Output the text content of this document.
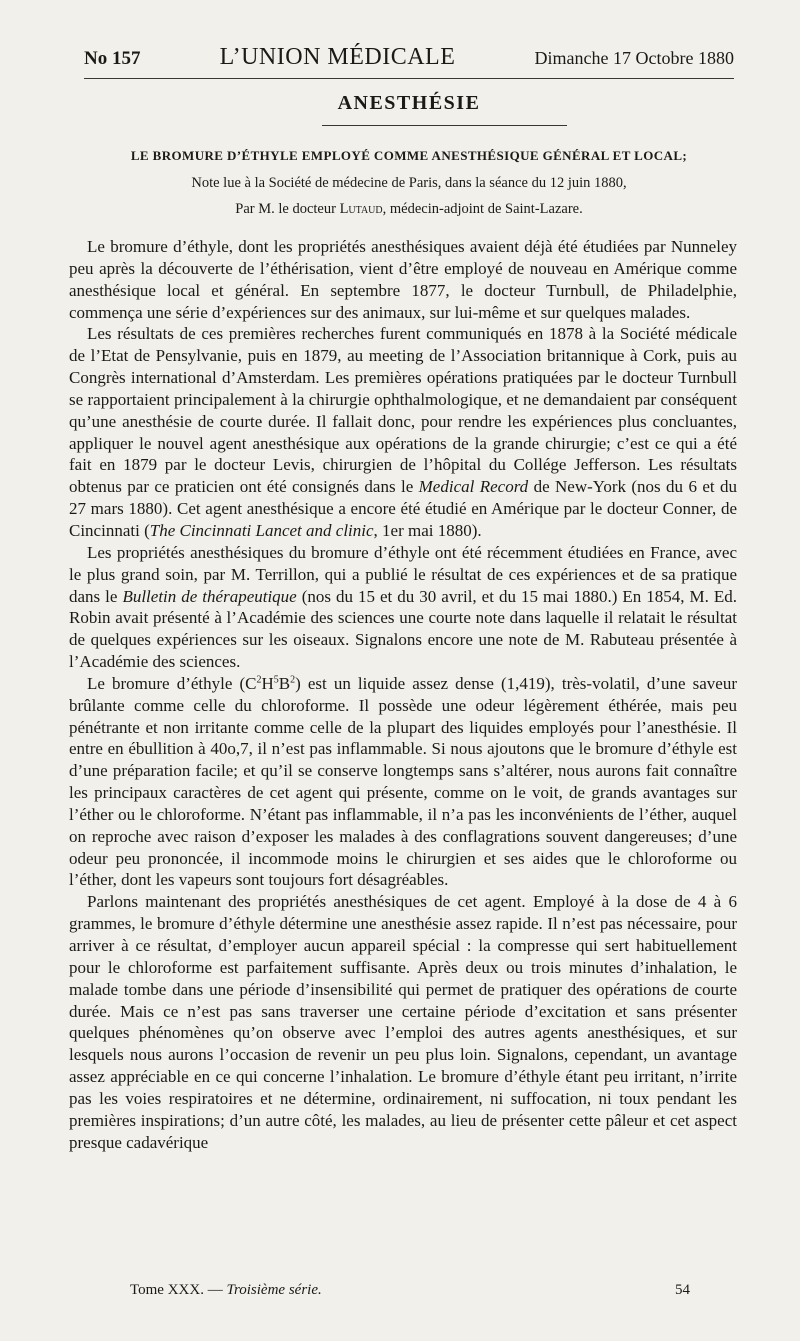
No 157	L’UNION MÉDICALE	Dimanche 17 Octobre 1880
ANESTHÉSIE
LE BROMURE D’ÉTHYLE EMPLOYÉ COMME ANESTHÉSIQUE GÉNÉRAL ET LOCAL;
Note lue à la Société de médecine de Paris, dans la séance du 12 juin 1880,
Par M. le docteur Lutaud, médecin-adjoint de Saint-Lazare.

Le bromure d’éthyle, dont les propriétés anesthésiques avaient déjà été étudiées par Nunneley peu après la découverte de l’éthérisation, vient d’être employé de nouveau en Amérique comme anesthésique local et général. En septembre 1877, le docteur Turnbull, de Philadelphie, commença une série d’expériences sur des animaux, sur lui-même et sur quelques malades.

Les résultats de ces premières recherches furent communiqués en 1878 à la Société médicale de l’Etat de Pensylvanie, puis en 1879, au meeting de l’Association britannique à Cork, puis au Congrès international d’Amsterdam. Les premières opérations pratiquées par le docteur Turnbull se rapportaient principalement à la chirurgie ophthalmologique, et ne demandaient par conséquent qu’une anesthésie de courte durée. Il fallait donc, pour rendre les expériences plus concluantes, appliquer le nouvel agent anesthésique aux opérations de la grande chirurgie; c’est ce qui a été fait en 1879 par le docteur Levis, chirurgien de l’hôpital du Collége Jefferson. Les résultats obtenus par ce praticien ont été consignés dans le Medical Record de New-York (nos du 6 et du 27 mars 1880). Cet agent anesthésique a encore été étudié en Amérique par le docteur Conner, de Cincinnati (The Cincinnati Lancet and clinic, 1er mai 1880).

Les propriétés anesthésiques du bromure d’éthyle ont été récemment étudiées en France, avec le plus grand soin, par M. Terrillon, qui a publié le résultat de ces expériences et de sa pratique dans le Bulletin de thérapeutique (nos du 15 et du 30 avril, et du 15 mai 1880.) En 1854, M. Ed. Robin avait présenté à l’Académie des sciences une courte note dans laquelle il relatait le résultat de quelques expériences sur les oiseaux. Signalons encore une note de M. Rabuteau présentée à l’Académie des sciences.

Le bromure d’éthyle $(C^2H^5B^2)$ est un liquide assez dense (1,419), très-volatil, d’une saveur brûlante comme celle du chloroforme. Il possède une odeur légèrement éthérée, mais peu pénétrante et non irritante comme celle de la plupart des liquides employés pour l’anesthésie. Il entre en ébullition à 40o,7, il n’est pas inflammable. Si nous ajoutons que le bromure d’éthyle est d’une préparation facile; et qu’il se conserve longtemps sans s’altérer, nous aurons fait connaître les principaux caractères de cet agent qui présente, comme on le voit, de grands avantages sur l’éther ou le chloroforme. N’étant pas inflammable, il n’a pas les inconvénients de l’éther, auquel on reproche avec raison d’exposer les malades à des conflagrations souvent dangereuses; d’une odeur peu prononcée, il incommode moins le chirurgien et ses aides que le chloroforme ou l’éther, dont les vapeurs sont toujours fort désagréables.

Parlons maintenant des propriétés anesthésiques de cet agent. Employé à la dose de 4 à 6 grammes, le bromure d’éthyle détermine une anesthésie assez rapide. Il n’est pas nécessaire, pour arriver à ce résultat, d’employer aucun appareil spécial : la compresse qui sert habituellement pour le chloroforme est parfaitement suffisante. Après deux ou trois minutes d’inhalation, le malade tombe dans une période d’insensibilité qui permet de pratiquer des opérations de courte durée. Mais ce n’est pas sans traverser une certaine période d’excitation et sans présenter quelques phénomènes qu’on observe avec l’emploi des autres agents anesthésiques, et sur lesquels nous aurons l’occasion de revenir un peu plus loin. Signalons, cependant, un avantage assez appréciable en ce qui concerne l’inhalation. Le bromure d’éthyle étant peu irritant, n’irrite pas les voies respiratoires et ne détermine, ordinairement, ni suffocation, ni toux pendant les premières inspirations; d’un autre côté, les malades, au lieu de présenter cette pâleur et cet aspect presque cadavérique

Tome XXX. — Troisième série.	54
